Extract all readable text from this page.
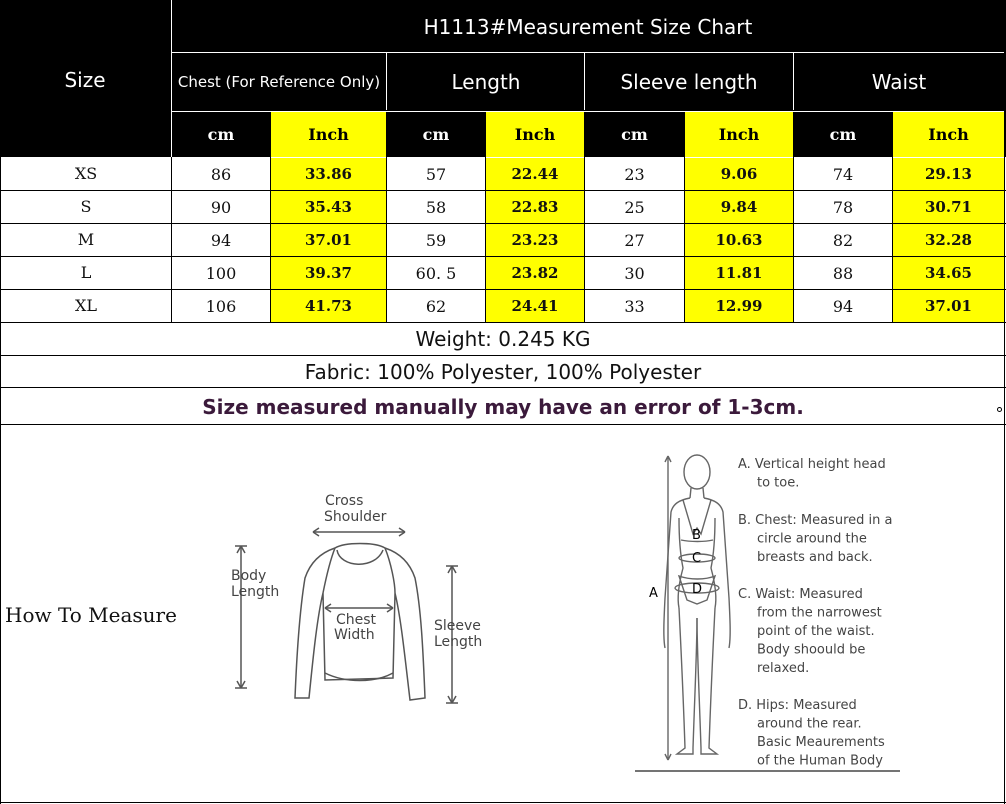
H1113#Measurement Size Chart
Size	Chest (For Reference Only)	Length	Sleeve length	Waist
cm	Inch	cm	Inch	cm	Inch	cm	Inch
XS	86	33.86	57	22.44	23	9.06	74	29.13
S	90	35.43	58	22.83	25	9.84	78	30.71
M	94	37.01	59	23.23	27	10.63	82	32.28
L	100	39.37	60. 5	23.82	30	11.81	88	34.65
XL	106	41.73	62	24.41	33	12.99	94	37.01
Weight: 0.245 KG
Fabric: 100% Polyester, 100% Polyester
Size measured manually may have an error of 1-3cm.
How To Measure
Cross
Shoulder
Body
Length
Chest
Width
Sleeve
Length
A
B
C
D
A. Vertical height head
to toe.
B. Chest: Measured in a
circle around the
breasts and back.
C. Waist: Measured
from the narrowest
point of the waist.
Body shoould be
relaxed.
D. Hips: Measured
around the rear.
Basic Meaurements
of the Human Body
